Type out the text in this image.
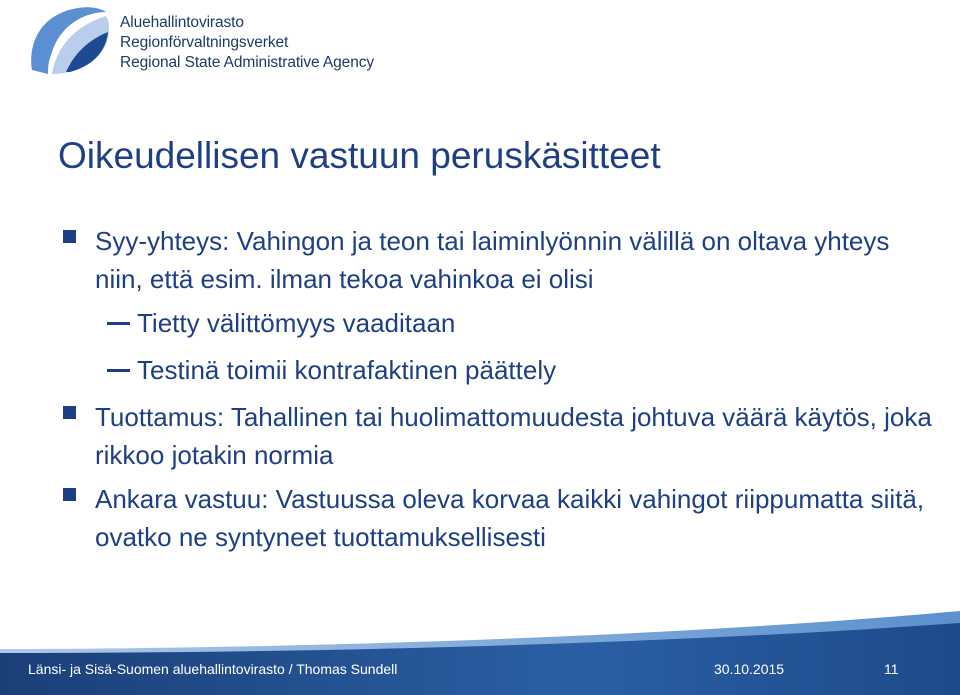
Aluehallintovirasto
Regionförvaltningsverket
Regional State Administrative Agency
Oikeudellisen vastuun peruskäsitteet
Syy-yhteys: Vahingon ja teon tai laiminlyönnin välillä on oltava yhteys niin, että esim. ilman tekoa vahinkoa ei olisi
Tietty välittömyys vaaditaan
Testinä toimii kontrafaktinen päättely
Tuottamus: Tahallinen tai huolimattomuudesta johtuva väärä käytös, joka rikkoo jotakin normia
Ankara vastuu: Vastuussa oleva korvaa kaikki vahingot riippumatta siitä, ovatko ne syntyneet tuottamuksellisesti
Länsi- ja Sisä-Suomen aluehallintovirasto / Thomas Sundell	30.10.2015	11
